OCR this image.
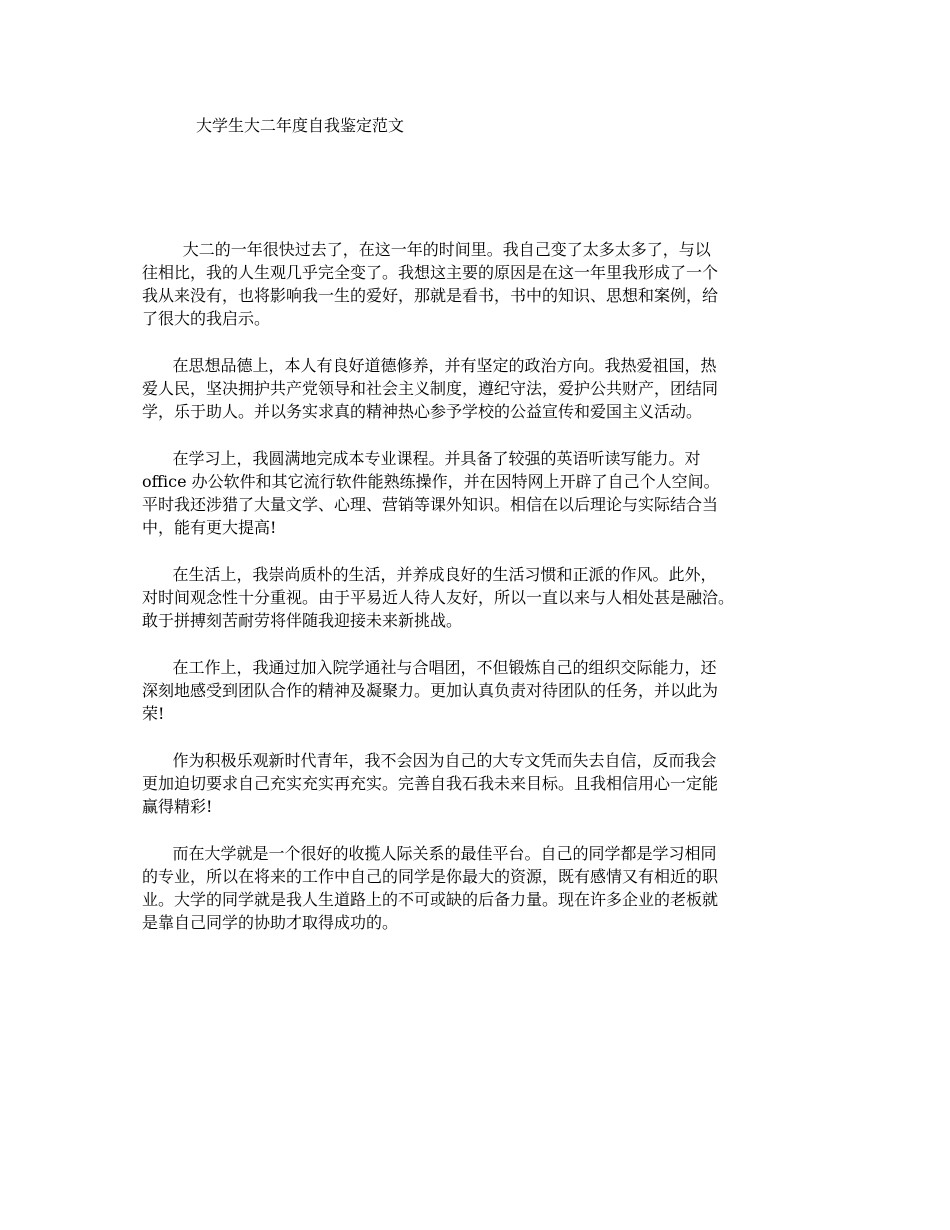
大学生大二年度自我鉴定范文

大二的一年很快过去了，在这一年的时间里。我自己变了太多太多了，与以
往相比，我的人生观几乎完全变了。我想这主要的原因是在这一年里我形成了一个
我从来没有，也将影响我一生的爱好，那就是看书，书中的知识、思想和案例，给
了很大的我启示。

在思想品德上，本人有良好道德修养，并有坚定的政治方向。我热爱祖国，热
爱人民，坚决拥护共产党领导和社会主义制度，遵纪守法，爱护公共财产，团结同
学，乐于助人。并以务实求真的精神热心参予学校的公益宣传和爱国主义活动。

在学习上，我圆满地完成本专业课程。并具备了较强的英语听读写能力。对
office 办公软件和其它流行软件能熟练操作，并在因特网上开辟了自己个人空间。
平时我还涉猎了大量文学、心理、营销等课外知识。相信在以后理论与实际结合当
中，能有更大提高!

在生活上，我崇尚质朴的生活，并养成良好的生活习惯和正派的作风。此外，
对时间观念性十分重视。由于平易近人待人友好，所以一直以来与人相处甚是融洽。
敢于拼搏刻苦耐劳将伴随我迎接未来新挑战。

在工作上，我通过加入院学通社与合唱团，不但锻炼自己的组织交际能力，还
深刻地感受到团队合作的精神及凝聚力。更加认真负责对待团队的任务，并以此为
荣!

作为积极乐观新时代青年，我不会因为自己的大专文凭而失去自信，反而我会
更加迫切要求自己充实充实再充实。完善自我石我未来目标。且我相信用心一定能
赢得精彩!

而在大学就是一个很好的收揽人际关系的最佳平台。自己的同学都是学习相同
的专业，所以在将来的工作中自己的同学是你最大的资源，既有感情又有相近的职
业。大学的同学就是我人生道路上的不可或缺的后备力量。现在许多企业的老板就
是靠自己同学的协助才取得成功的。
